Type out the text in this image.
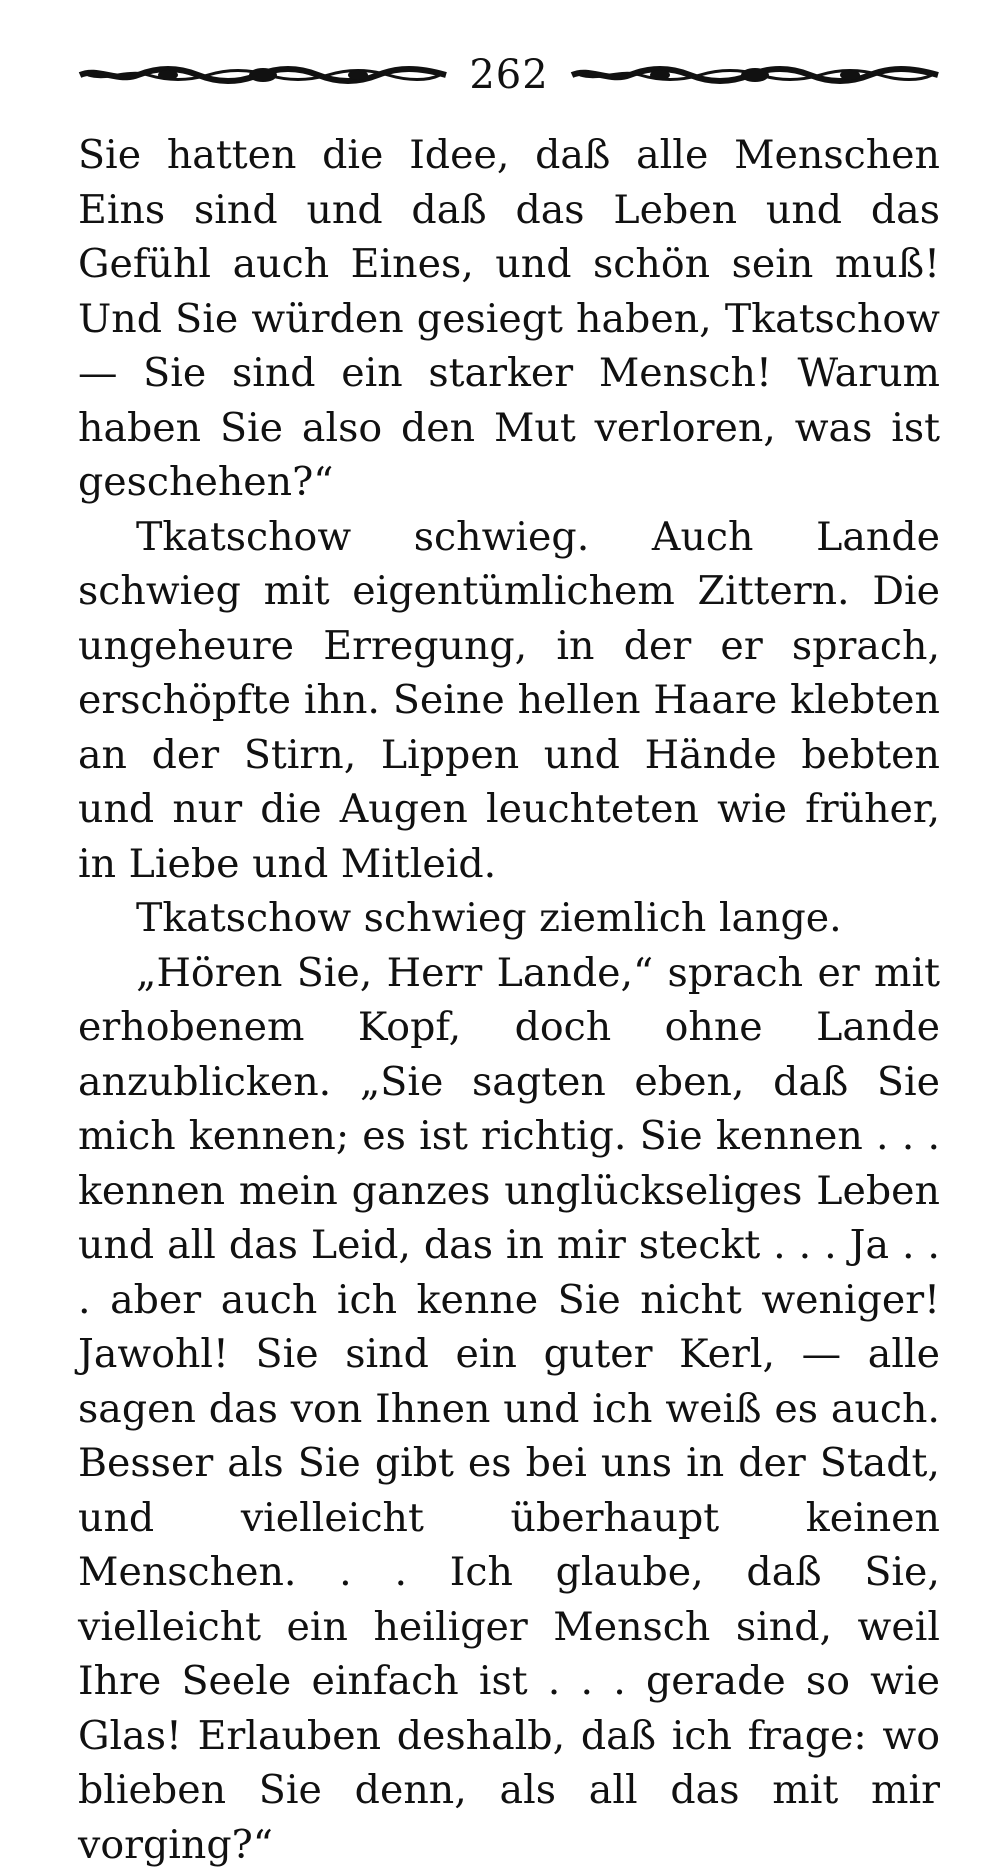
262

Sie hatten die Idee, daß alle Menschen Eins sind und daß das Leben und das Gefühl auch Eines, und schön sein muß! Und Sie würden gesiegt haben, Tkatschow — Sie sind ein starker Mensch! Warum haben Sie also den Mut verloren, was ist geschehen?“

Tkatschow schwieg. Auch Lande schwieg mit eigentümlichem Zittern. Die ungeheure Erregung, in der er sprach, erschöpfte ihn. Seine hellen Haare klebten an der Stirn, Lippen und Hände bebten und nur die Augen leuchteten wie früher, in Liebe und Mitleid.

Tkatschow schwieg ziemlich lange.

„Hören Sie, Herr Lande,“ sprach er mit erhobenem Kopf, doch ohne Lande anzublicken. „Sie sagten eben, daß Sie mich kennen; es ist richtig. Sie kennen . . . kennen mein ganzes unglückseliges Leben und all das Leid, das in mir steckt . . . Ja . . . aber auch ich kenne Sie nicht weniger! Jawohl! Sie sind ein guter Kerl, — alle sagen das von Ihnen und ich weiß es auch. Besser als Sie gibt es bei uns in der Stadt, und vielleicht überhaupt keinen Menschen. . . Ich glaube, daß Sie, vielleicht ein heiliger Mensch sind, weil Ihre Seele einfach ist . . . gerade so wie Glas! Erlauben deshalb, daß ich frage: wo blieben Sie denn, als all das mit mir vorging?“
